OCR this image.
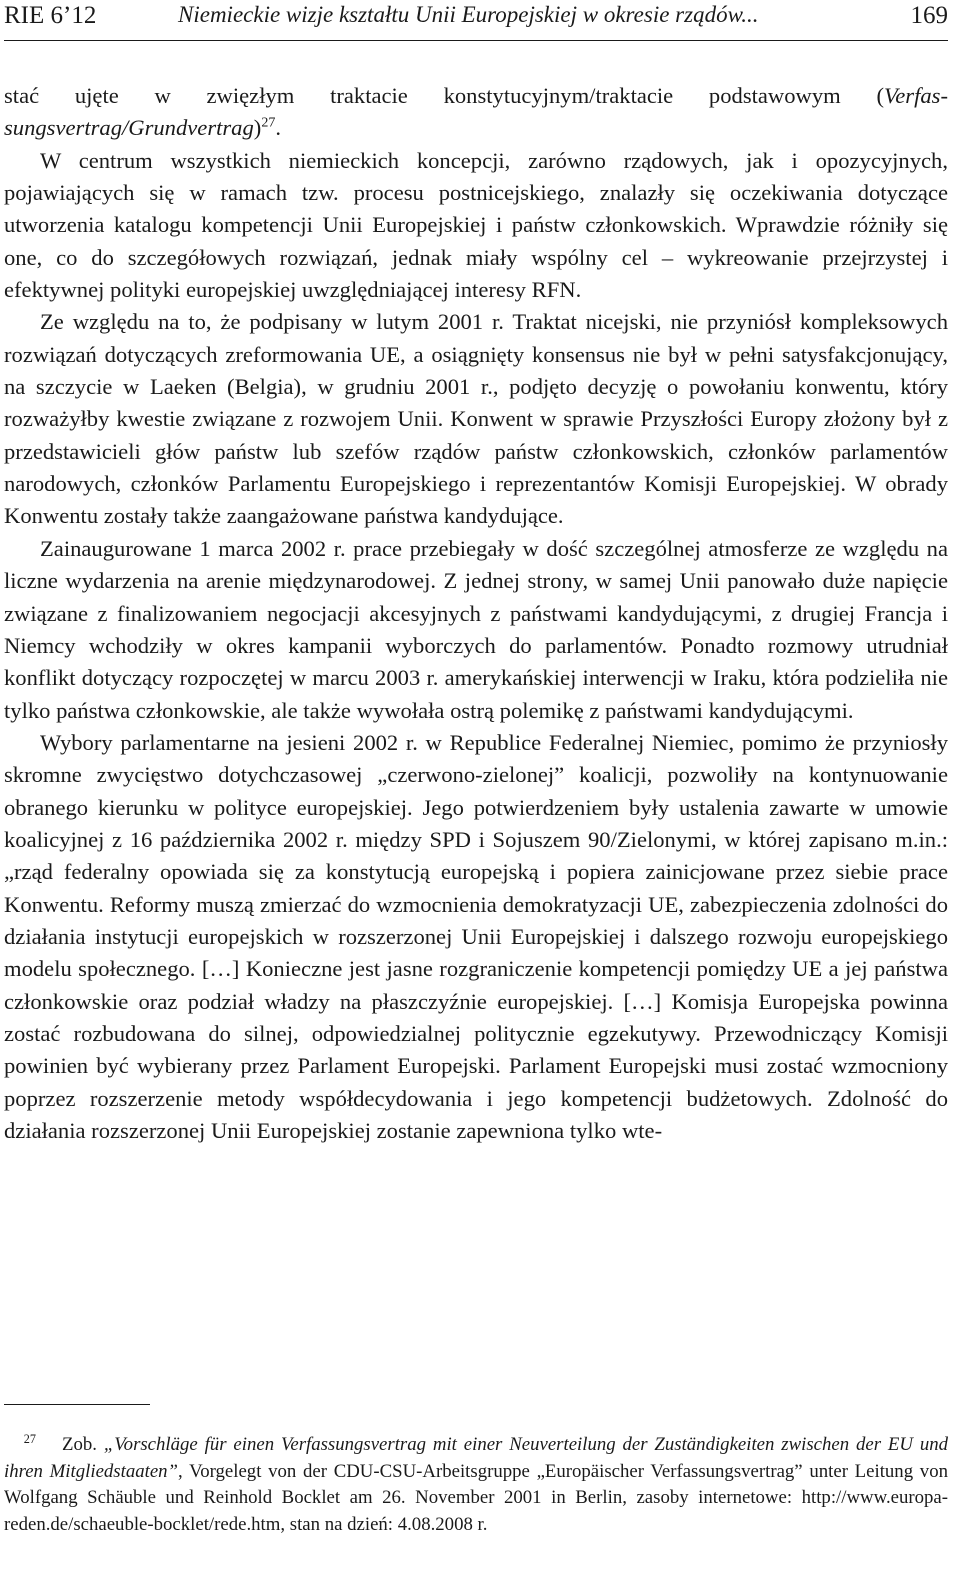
RIE 6’12	Niemieckie wizje kształtu Unii Europejskiej w okresie rządów...	169

stać ujęte w zwięzłym traktacie konstytucyjnym/traktacie podstawowym (Verfassungsvertrag/Grundvertrag)$^{27}$.

W centrum wszystkich niemieckich koncepcji, zarówno rządowych, jak i opozycyjnych, pojawiających się w ramach tzw. procesu postnicejskiego, znalazły się oczekiwania dotyczące utworzenia katalogu kompetencji Unii Europejskiej i państw członkowskich. Wprawdzie różniły się one, co do szczegółowych rozwiązań, jednak miały wspólny cel – wykreowanie przejrzystej i efektywnej polityki europejskiej uwzględniającej interesy RFN.

Ze względu na to, że podpisany w lutym 2001 r. Traktat nicejski, nie przyniósł kompleksowych rozwiązań dotyczących zreformowania UE, a osiągnięty konsensus nie był w pełni satysfakcjonujący, na szczycie w Laeken (Belgia), w grudniu 2001 r., podjęto decyzję o powołaniu konwentu, który rozważyłby kwestie związane z rozwojem Unii. Konwent w sprawie Przyszłości Europy złożony był z przedstawicieli głów państw lub szefów rządów państw członkowskich, członków parlamentów narodowych, członków Parlamentu Europejskiego i reprezentantów Komisji Europejskiej. W obrady Konwentu zostały także zaangażowane państwa kandydujące.

Zainaugurowane 1 marca 2002 r. prace przebiegały w dość szczególnej atmosferze ze względu na liczne wydarzenia na arenie międzynarodowej. Z jednej strony, w samej Unii panowało duże napięcie związane z finalizowaniem negocjacji akcesyjnych z państwami kandydującymi, z drugiej Francja i Niemcy wchodziły w okres kampanii wyborczych do parlamentów. Ponadto rozmowy utrudniał konflikt dotyczący rozpoczętej w marcu 2003 r. amerykańskiej interwencji w Iraku, która podzieliła nie tylko państwa członkowskie, ale także wywołała ostrą polemikę z państwami kandydującymi.

Wybory parlamentarne na jesieni 2002 r. w Republice Federalnej Niemiec, pomimo że przyniosły skromne zwycięstwo dotychczasowej „czerwono-zielonej” koalicji, pozwoliły na kontynuowanie obranego kierunku w polityce europejskiej. Jego potwierdzeniem były ustalenia zawarte w umowie koalicyjnej z 16 października 2002 r. między SPD i Sojuszem 90/Zielonymi, w której zapisano m.in.: „rząd federalny opowiada się za konstytucją europejską i popiera zainicjowane przez siebie prace Konwentu. Reformy muszą zmierzać do wzmocnienia demokratyzacji UE, zabezpieczenia zdolności do działania instytucji europejskich w rozszerzonej Unii Europejskiej i dalszego rozwoju europejskiego modelu społecznego. […] Konieczne jest jasne rozgraniczenie kompetencji pomiędzy UE a jej państwa członkowskie oraz podział władzy na płaszczyźnie europejskiej. […] Komisja Europejska powinna zostać rozbudowana do silnej, odpowiedzialnej politycznie egzekutywy. Przewodniczący Komisji powinien być wybierany przez Parlament Europejski. Parlament Europejski musi zostać wzmocniony poprzez rozszerzenie metody współdecydowania i jego kompetencji budżetowych. Zdolność do działania rozszerzonej Unii Europejskiej zostanie zapewniona tylko wte-

27 Zob. „Vorschläge für einen Verfassungsvertrag mit einer Neuverteilung der Zuständigkeiten zwischen der EU und ihren Mitgliedstaaten”, Vorgelegt von der CDU-CSU-Arbeitsgruppe „Europäischer Verfassungsvertrag” unter Leitung von Wolfgang Schäuble und Reinhold Bocklet am 26. November 2001 in Berlin, zasoby internetowe: http://www.europa-reden.de/schaeuble-bocklet/rede.htm, stan na dzień: 4.08.2008 r.
